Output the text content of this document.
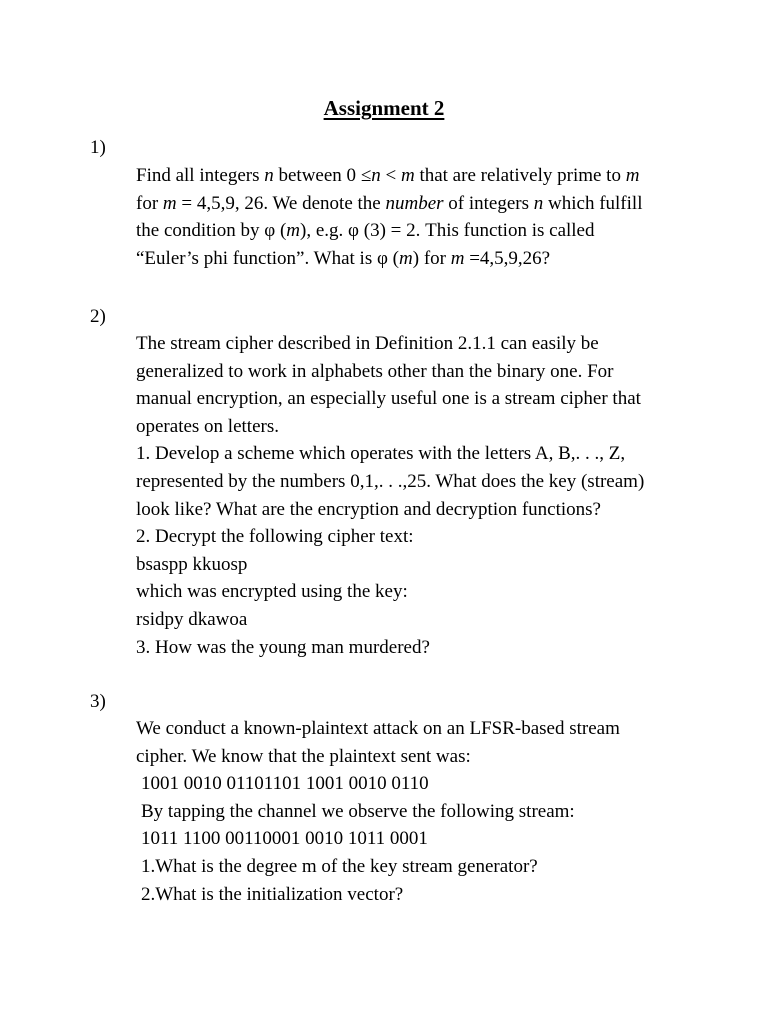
Assignment 2
1)
Find all integers n between 0 ≤n < m that are relatively prime to m
for m = 4,5,9, 26. We denote the number of integers n which fulfill
the condition by φ (m), e.g. φ (3) = 2. This function is called
“Euler’s phi function”. What is φ (m) for m =4,5,9,26?
2)
The stream cipher described in Definition 2.1.1 can easily be
generalized to work in alphabets other than the binary one. For
manual encryption, an especially useful one is a stream cipher that
operates on letters.
1. Develop a scheme which operates with the letters A, B,. . ., Z,
represented by the numbers 0,1,. . .,25. What does the key (stream)
look like? What are the encryption and decryption functions?
2. Decrypt the following cipher text:
bsaspp kkuosp
which was encrypted using the key:
rsidpy dkawoa
3. How was the young man murdered?
3)
We conduct a known-plaintext attack on an LFSR-based stream
cipher. We know that the plaintext sent was:
1001 0010 01101101 1001 0010 0110
By tapping the channel we observe the following stream:
1011 1100 00110001 0010 1011 0001
1.What is the degree m of the key stream generator?
2.What is the initialization vector?
